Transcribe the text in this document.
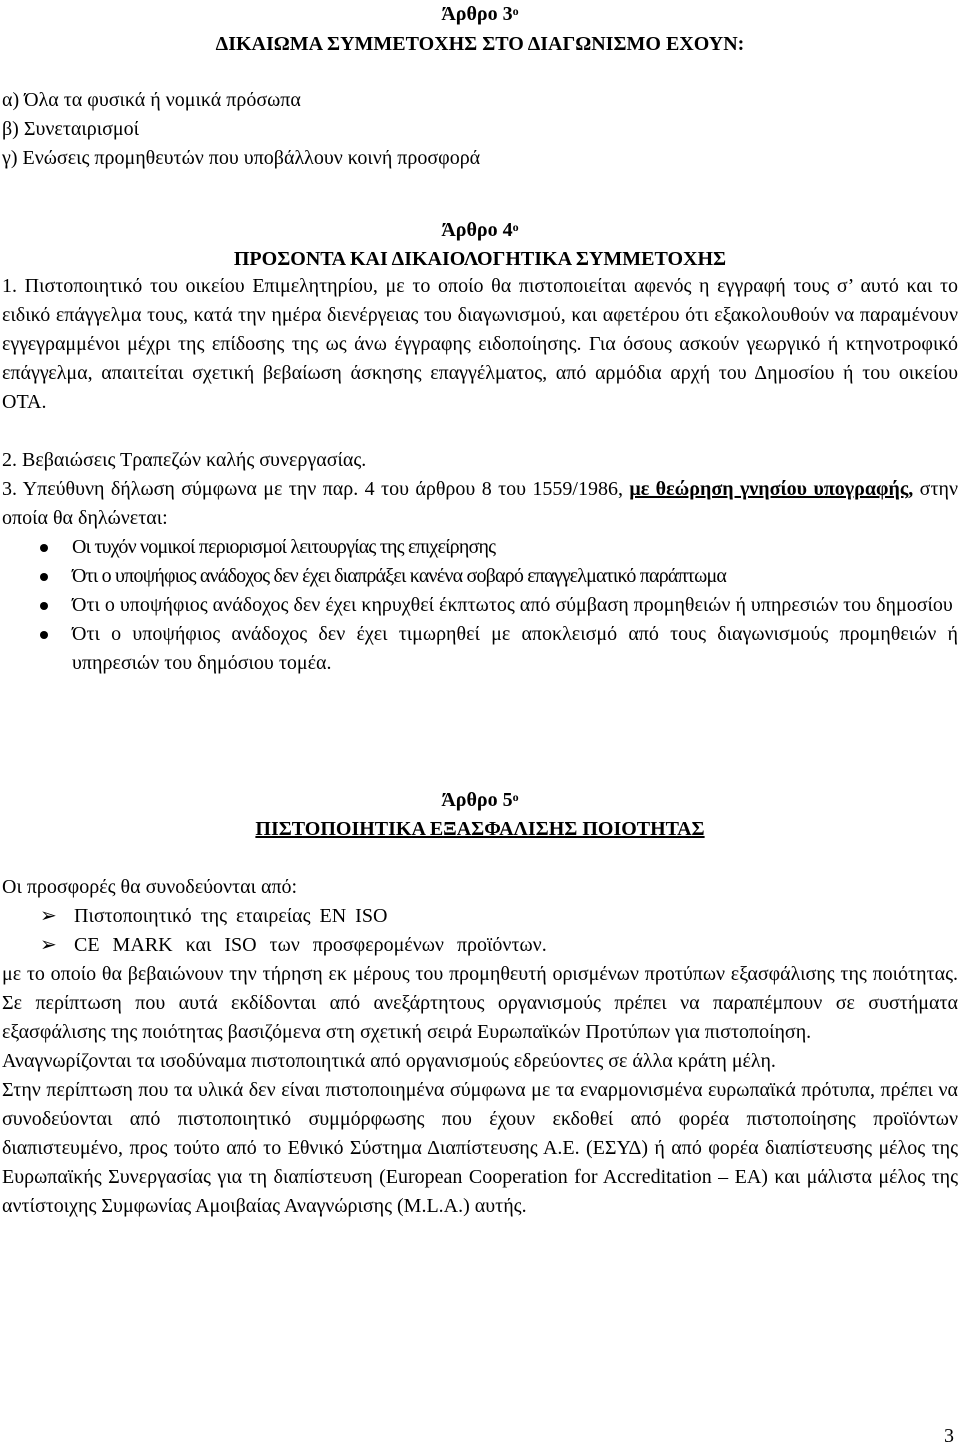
Άρθρο $3^o$
ΔΙΚΑΙΩΜΑ ΣΥΜΜΕΤΟΧΗΣ ΣΤΟ ΔΙΑΓΩΝΙΣΜΟ ΕΧΟΥΝ:
α) Όλα τα φυσικά ή νομικά πρόσωπα
β) Συνεταιρισμοί
γ) Ενώσεις προμηθευτών που υποβάλλουν κοινή προσφορά
Άρθρο $4^o$
ΠΡΟΣΟΝΤΑ ΚΑΙ ΔΙΚΑΙΟΛΟΓΗΤΙΚΑ ΣΥΜΜΕΤΟΧΗΣ
1. Πιστοποιητικό του οικείου Επιμελητηρίου, με το οποίο θα πιστοποιείται αφενός η εγγραφή τους σ’ αυτό και το ειδικό επάγγελμα τους, κατά την ημέρα διενέργειας του διαγωνισμού, και αφετέρου ότι εξακολουθούν να παραμένουν εγγεγραμμένοι μέχρι της επίδοσης της ως άνω έγγραφης ειδοποίησης. Για όσους ασκούν γεωργικό ή κτηνοτροφικό επάγγελμα, απαιτείται σχετική βεβαίωση άσκησης επαγγέλματος, από αρμόδια αρχή του Δημοσίου ή του οικείου ΟΤΑ.
2. Βεβαιώσεις Τραπεζών καλής συνεργασίας.
3. Υπεύθυνη δήλωση σύμφωνα με την παρ. 4 του άρθρου 8 του 1559/1986, με θεώρηση γνησίου υπογραφής, στην οποία θα δηλώνεται:
Οι τυχόν νομικοί περιορισμοί λειτουργίας της επιχείρησης
Ότι ο υποψήφιος ανάδοχος δεν έχει διαπράξει κανένα σοβαρό επαγγελματικό παράπτωμα
Ότι ο υποψήφιος ανάδοχος δεν έχει κηρυχθεί έκπτωτος από σύμβαση προμηθειών ή υπηρεσιών του δημοσίου
Ότι ο υποψήφιος ανάδοχος δεν έχει τιμωρηθεί με αποκλεισμό από τους διαγωνισμούς προμηθειών ή υπηρεσιών του δημόσιου τομέα.
Άρθρο $5^o$
ΠΙΣΤΟΠΟΙΗΤΙΚΑ ΕΞΑΣΦΑΛΙΣΗΣ ΠΟΙΟΤΗΤΑΣ
Οι προσφορές θα συνοδεύονται από:
➢ Πιστοποιητικό της εταιρείας EN ISO
➢ CE MARK και ISO των προσφερομένων προϊόντων.
με το οποίο θα βεβαιώνουν την τήρηση εκ μέρους του προμηθευτή ορισμένων προτύπων εξασφάλισης της ποιότητας. Σε περίπτωση που αυτά εκδίδονται από ανεξάρτητους οργανισμούς πρέπει να παραπέμπουν σε συστήματα εξασφάλισης της ποιότητας βασιζόμενα στη σχετική σειρά Ευρωπαϊκών Προτύπων για πιστοποίηση.
Αναγνωρίζονται τα ισοδύναμα πιστοποιητικά από οργανισμούς εδρεύοντες σε άλλα κράτη μέλη.
Στην περίπτωση που τα υλικά δεν είναι πιστοποιημένα σύμφωνα με τα εναρμονισμένα ευρωπαϊκά πρότυπα, πρέπει να συνοδεύονται από πιστοποιητικό συμμόρφωσης που έχουν εκδοθεί από φορέα πιστοποίησης προϊόντων διαπιστευμένο, προς τούτο από το Εθνικό Σύστημα Διαπίστευσης Α.Ε. (ΕΣΥΔ) ή από φορέα διαπίστευσης μέλος της Ευρωπαϊκής Συνεργασίας για τη διαπίστευση (European Cooperation for Accreditation – EA) και μάλιστα μέλος της αντίστοιχης Συμφωνίας Αμοιβαίας Αναγνώρισης (M.L.A.) αυτής.
3
